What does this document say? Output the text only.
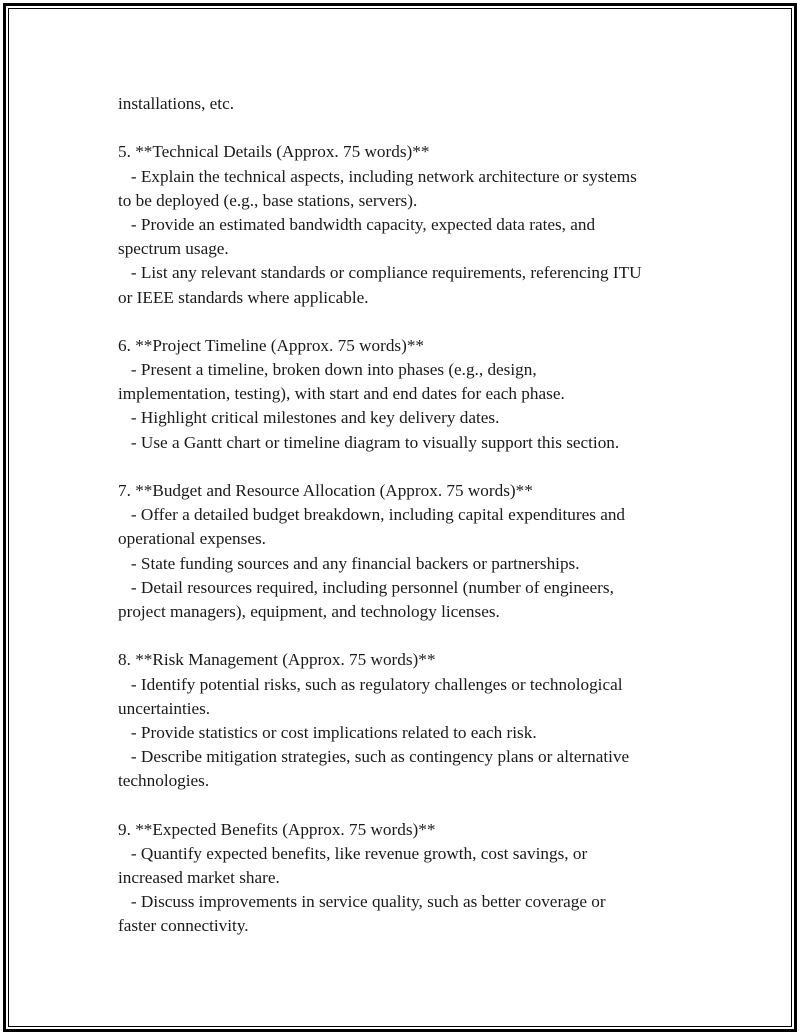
installations, etc.
5. **Technical Details (Approx. 75 words)**
- Explain the technical aspects, including network architecture or systems
to be deployed (e.g., base stations, servers).
- Provide an estimated bandwidth capacity, expected data rates, and
spectrum usage.
- List any relevant standards or compliance requirements, referencing ITU
or IEEE standards where applicable.
6. **Project Timeline (Approx. 75 words)**
- Present a timeline, broken down into phases (e.g., design,
implementation, testing), with start and end dates for each phase.
- Highlight critical milestones and key delivery dates.
- Use a Gantt chart or timeline diagram to visually support this section.
7. **Budget and Resource Allocation (Approx. 75 words)**
- Offer a detailed budget breakdown, including capital expenditures and
operational expenses.
- State funding sources and any financial backers or partnerships.
- Detail resources required, including personnel (number of engineers,
project managers), equipment, and technology licenses.
8. **Risk Management (Approx. 75 words)**
- Identify potential risks, such as regulatory challenges or technological
uncertainties.
- Provide statistics or cost implications related to each risk.
- Describe mitigation strategies, such as contingency plans or alternative
technologies.
9. **Expected Benefits (Approx. 75 words)**
- Quantify expected benefits, like revenue growth, cost savings, or
increased market share.
- Discuss improvements in service quality, such as better coverage or
faster connectivity.
